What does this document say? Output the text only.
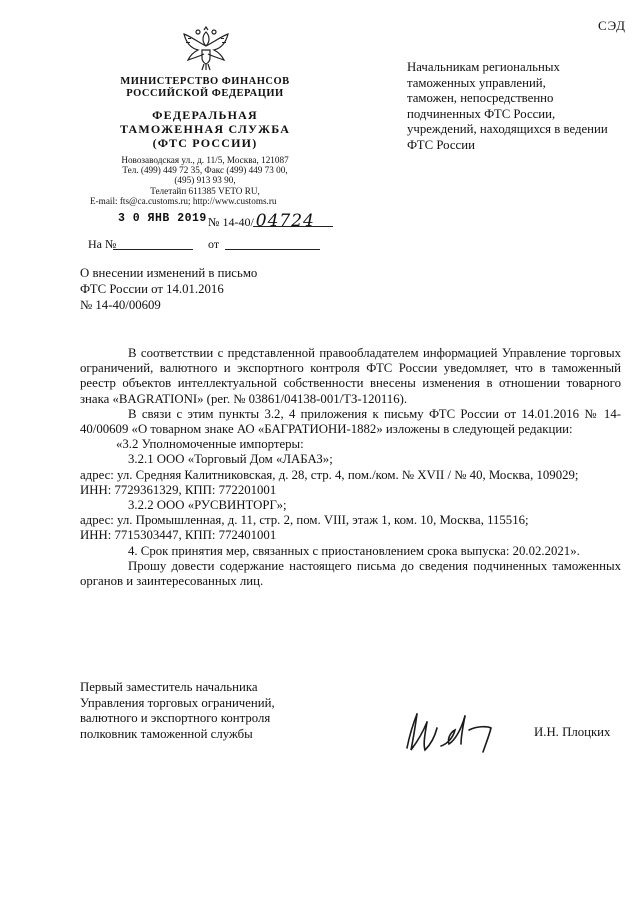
СЭД
МИНИСТЕРСТВО ФИНАНСОВ
РОССИЙСКОЙ ФЕДЕРАЦИИ
ФЕДЕРАЛЬНАЯ
ТАМОЖЕННАЯ СЛУЖБА
(ФТС РОССИИ)
Новозаводская ул., д. 11/5, Москва, 121087
Тел. (499) 449 72 35, Факс (499) 449 73 00,
(495) 913 93 90,
Телетайп 611385 VETO RU,
E-mail: fts@ca.customs.ru; http://www.customs.ru
3 0 ЯНВ 2019 № 14-40/ 04724
На №	от
Начальникам региональных
таможенных управлений,
таможен, непосредственно
подчиненных ФТС России,
учреждений, находящихся в ведении
ФТС России
О внесении изменений в письмо
ФТС России от 14.01.2016
№ 14-40/00609

В соответствии с представленной правообладателем информацией Управление торговых ограничений, валютного и экспортного контроля ФТС России уведомляет, что в таможенный реестр объектов интеллектуальной собственности внесены изменения в отношении товарного знака «BAGRATIONI» (рег. № 03861/04138-001/ТЗ-120116).

В связи с этим пункты 3.2, 4 приложения к письму ФТС России от 14.01.2016 № 14-40/00609 «О товарном знаке АО «БАГРАТИОНИ-1882» изложены в следующей редакции:

«3.2 Уполномоченные импортеры:

3.2.1 ООО «Торговый Дом «ЛАБАЗ»;

адрес: ул. Средняя Калитниковская, д. 28, стр. 4, пом./ком. № XVII / № 40, Москва, 109029;

ИНН: 7729361329, КПП: 772201001

3.2.2 ООО «РУСВИНТОРГ»;

адрес: ул. Промышленная, д. 11, стр. 2, пом. VIII, этаж 1, ком. 10, Москва, 115516;

ИНН: 7715303447, КПП: 772401001

4. Срок принятия мер, связанных с приостановлением срока выпуска: 20.02.2021».

Прошу довести содержание настоящего письма до сведения подчиненных таможенных органов и заинтересованных лиц.

Первый заместитель начальника
Управления торговых ограничений,
валютного и экспортного контроля
полковник таможенной службы	И.Н. Плоцких
